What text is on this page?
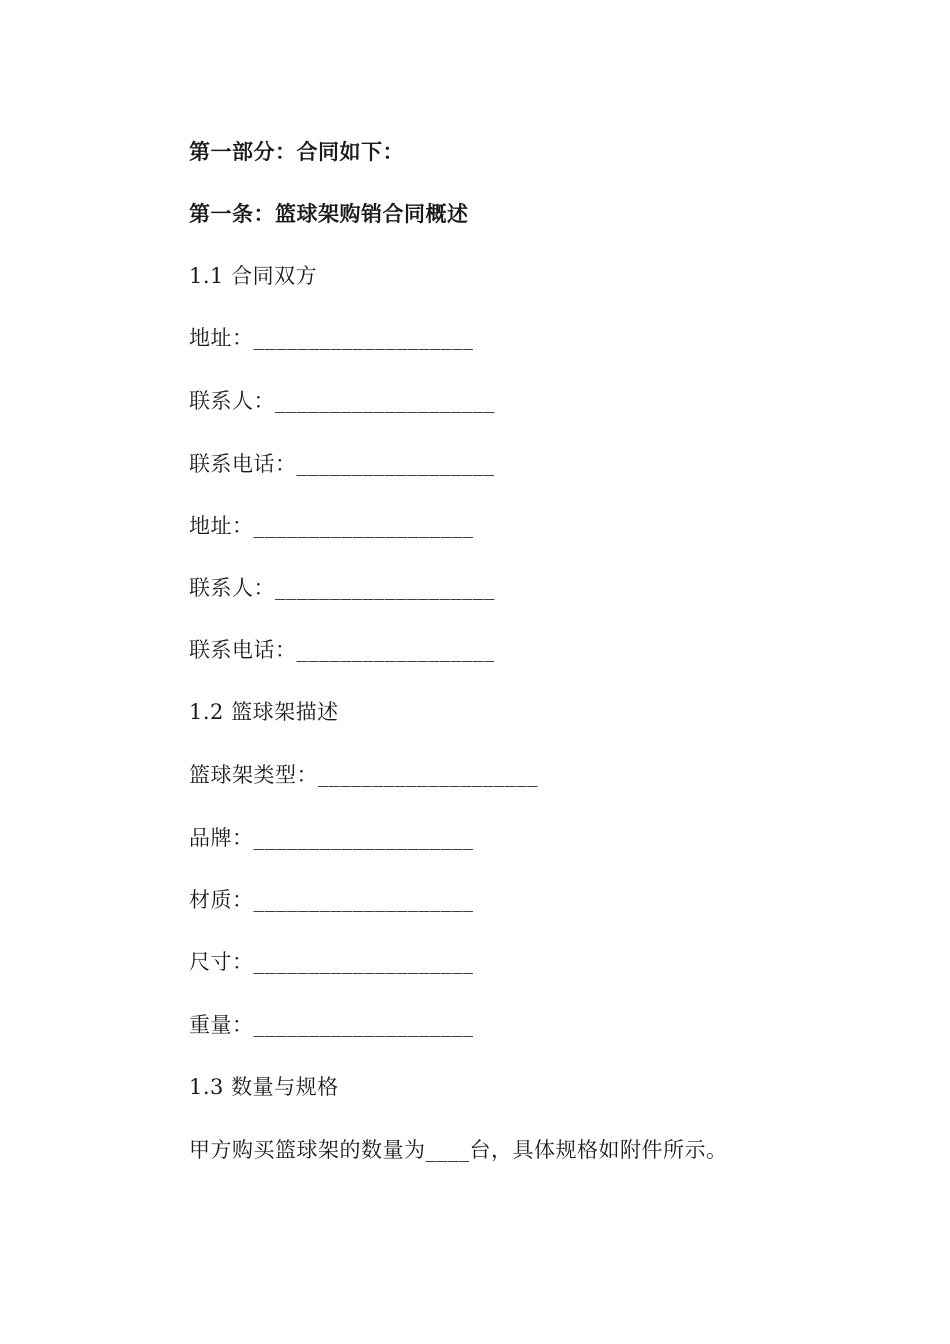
第一部分：合同如下：
第一条：篮球架购销合同概述
1.1 合同双方
地址：____________________
联系人：____________________
联系电话：__________________
地址：____________________
联系人：____________________
联系电话：__________________
1.2 篮球架描述
篮球架类型：____________________
品牌：____________________
材质：____________________
尺寸：____________________
重量：____________________
1.3 数量与规格
甲方购买篮球架的数量为____台，具体规格如附件所示。
